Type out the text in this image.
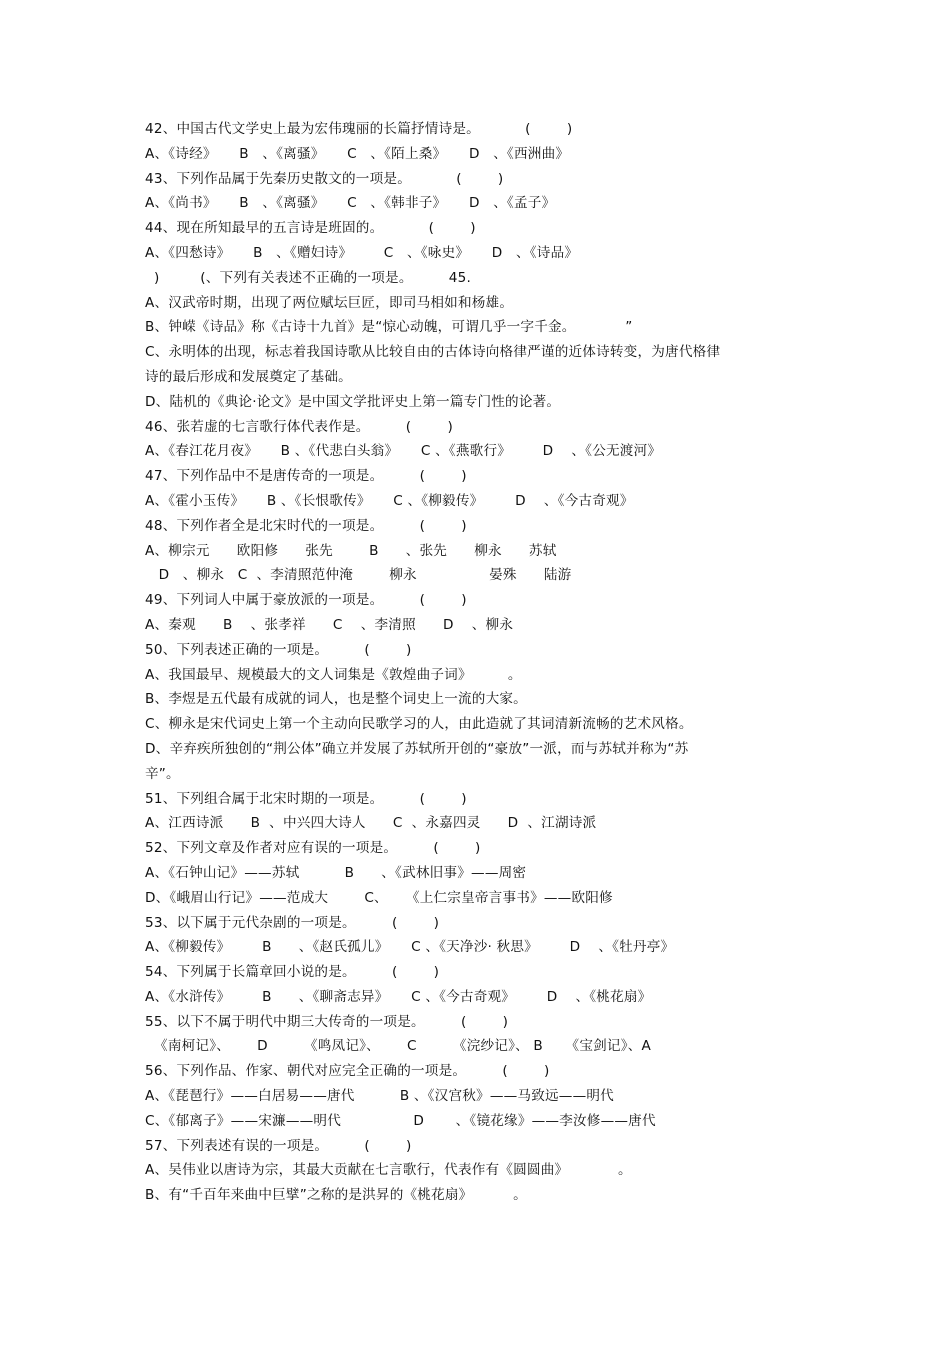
42、中国古代文学史上最为宏伟瑰丽的长篇抒情诗是。          (        )
A、《诗经》     B   、《离骚》     C   、《陌上桑》     D   、《西洲曲》
43、下列作品属于先秦历史散文的一项是。          (        )
A、《尚书》     B   、《离骚》     C   、《韩非子》     D   、《孟子》
44、现在所知最早的五言诗是班固的。          (        )
A、《四愁诗》     B   、《赠妇诗》       C   、《咏史》     D   、《诗品》
)         (、下列有关表述不正确的一项是。        45.
A、汉武帝时期，出现了两位赋坛巨匠，即司马相如和杨雄。
B、钟嵘《诗品》称《古诗十九首》是“惊心动魄，可谓几乎一字千金。           ”
C、永明体的出现，标志着我国诗歌从比较自由的古体诗向格律严谨的近体诗转变，为唐代格律
诗的最后形成和发展奠定了基础。
D、陆机的《典论·论文》是中国文学批评史上第一篇专门性的论著。
46、张若虚的七言歌行体代表作是。        (        )
A、《春江花月夜》     B 、《代悲白头翁》     C 、《燕歌行》       D    、《公无渡河》
47、下列作品中不是唐传奇的一项是。        (        )
A、《霍小玉传》     B 、《长恨歌传》     C 、《柳毅传》       D    、《今古奇观》
48、下列作者全是北宋时代的一项是。        (        )
A、柳宗元      欧阳修      张先        B      、张先      柳永      苏轼
D   、柳永   C  、李清照范仲淹        柳永                晏殊      陆游
49、下列词人中属于豪放派的一项是。        (        )
A、秦观      B    、张孝祥      C    、李清照      D    、柳永
50、下列表述正确的一项是。        (        )
A、我国最早、规模最大的文人词集是《敦煌曲子词》        。
B、李煜是五代最有成就的词人，也是整个词史上一流的大家。
C、柳永是宋代词史上第一个主动向民歌学习的人，由此造就了其词清新流畅的艺术风格。
D、辛弃疾所独创的“荆公体”确立并发展了苏轼所开创的“豪放”一派，而与苏轼并称为“苏
辛”。
51、下列组合属于北宋时期的一项是。        (        )
A、江西诗派      B  、中兴四大诗人      C  、永嘉四灵      D  、江湖诗派
52、下列文章及作者对应有误的一项是。        (        )
A、《石钟山记》——苏轼          B      、《武林旧事》——周密
D、《峨眉山行记》——范成大        C、    《上仁宗皇帝言事书》——欧阳修
53、以下属于元代杂剧的一项是。        (        )
A、《柳毅传》       B      、《赵氏孤儿》     C 、《天净沙· 秋思》       D    、《牡丹亭》
54、下列属于长篇章回小说的是。        (        )
A、《水浒传》       B      、《聊斋志异》     C 、《今古奇观》       D    、《桃花扇》
55、以下不属于明代中期三大传奇的一项是。        (        )
《南柯记》、      D        《鸣凤记》、      C        《浣纱记》、 B     《宝剑记》、A
56、下列作品、作家、朝代对应完全正确的一项是。        (        )
A、《琵琶行》——白居易——唐代          B 、《汉宫秋》——马致远——明代
C、《郁离子》——宋濂——明代                D       、《镜花缘》——李汝修——唐代
57、下列表述有误的一项是。        (        )
A、吴伟业以唐诗为宗，其最大贡献在七言歌行，代表作有《圆圆曲》           。
B、有“千百年来曲中巨擘”之称的是洪昇的《桃花扇》         。
